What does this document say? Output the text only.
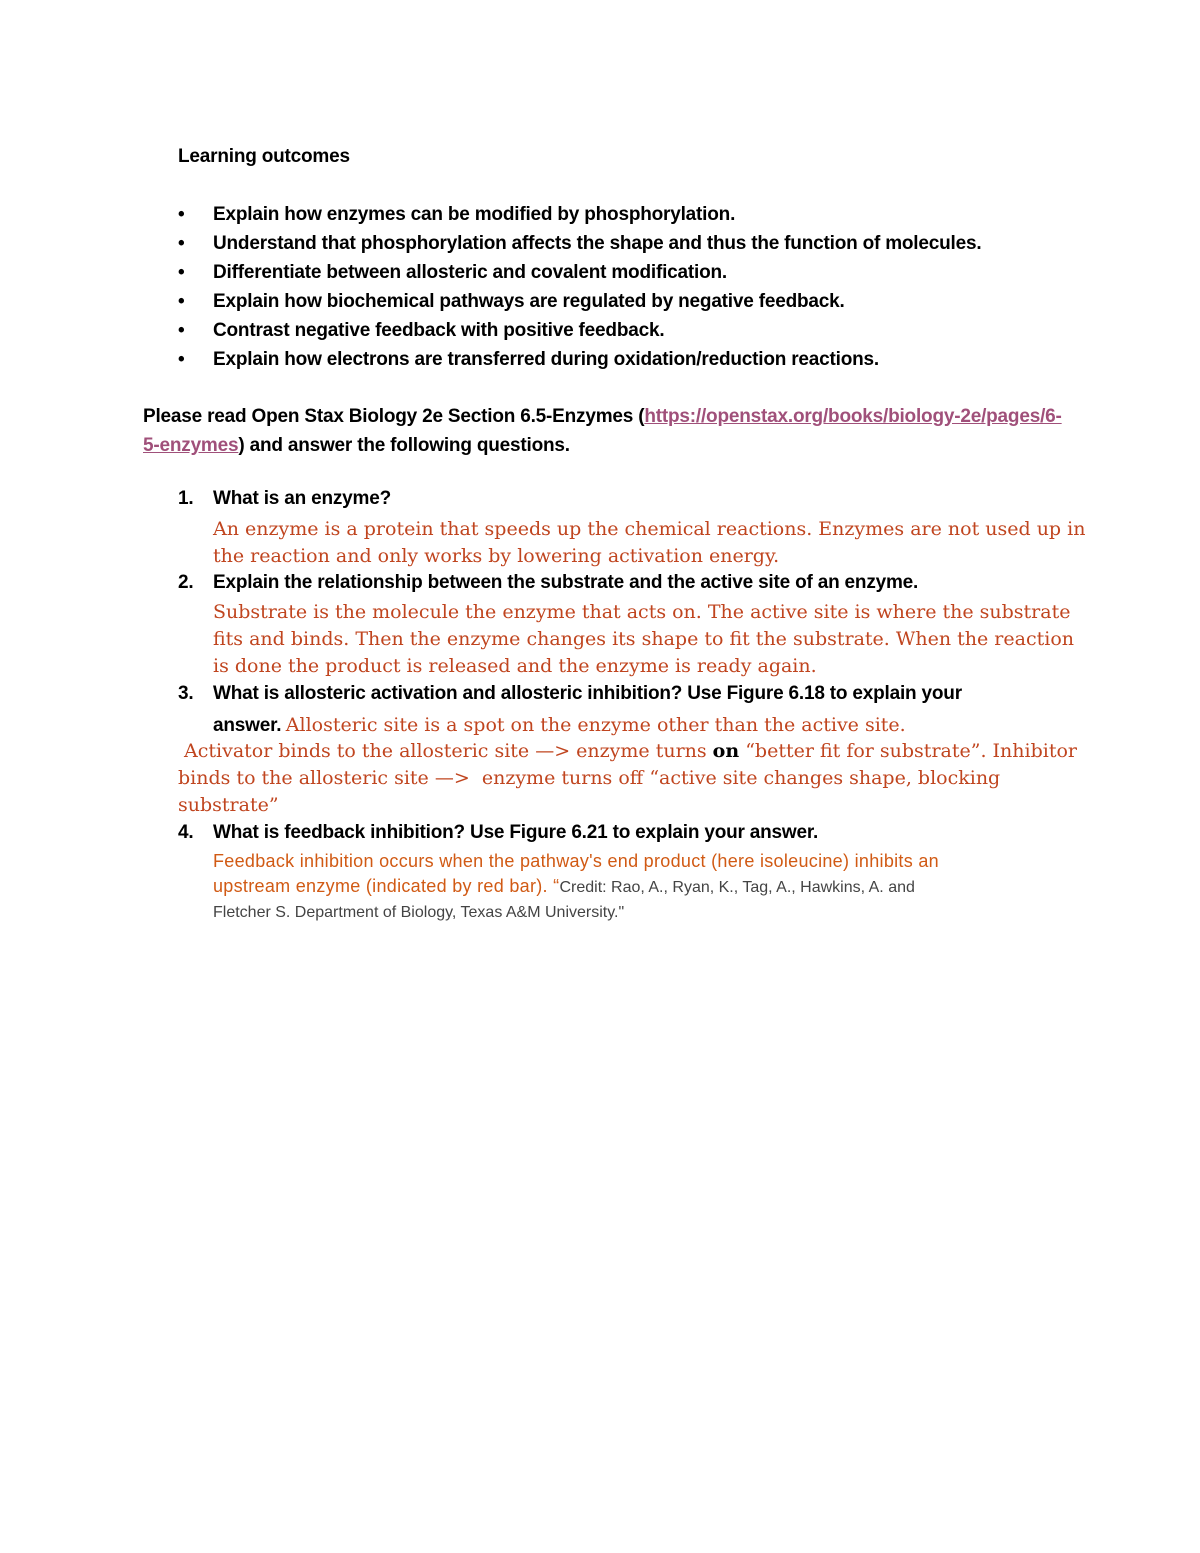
Learning outcomes
• Explain how enzymes can be modified by phosphorylation.
• Understand that phosphorylation affects the shape and thus the function of molecules.
• Differentiate between allosteric and covalent modification.
• Explain how biochemical pathways are regulated by negative feedback.
• Contrast negative feedback with positive feedback.
• Explain how electrons are transferred during oxidation/reduction reactions.
Please read Open Stax Biology 2e Section 6.5-Enzymes (https://openstax.org/books/biology-2e/pages/6-5-enzymes) and answer the following questions.
1. What is an enzyme?
An enzyme is a protein that speeds up the chemical reactions. Enzymes are not used up in
the reaction and only works by lowering activation energy.
2. Explain the relationship between the substrate and the active site of an enzyme.
Substrate is the molecule the enzyme that acts on. The active site is where the substrate
fits and binds. Then the enzyme changes its shape to fit the substrate. When the reaction
is done the product is released and the enzyme is ready again.
3. What is allosteric activation and allosteric inhibition? Use Figure 6.18 to explain your
answer. Allosteric site is a spot on the enzyme other than the active site.
Activator binds to the allosteric site —> enzyme turns on “better fit for substrate”. Inhibitor
binds to the allosteric site —>  enzyme turns off “active site changes shape, blocking
substrate”
4. What is feedback inhibition? Use Figure 6.21 to explain your answer.
Feedback inhibition occurs when the pathway's end product (here isoleucine) inhibits an
upstream enzyme (indicated by red bar). “Credit: Rao, A., Ryan, K., Tag, A., Hawkins, A. and
Fletcher S. Department of Biology, Texas A&M University."
